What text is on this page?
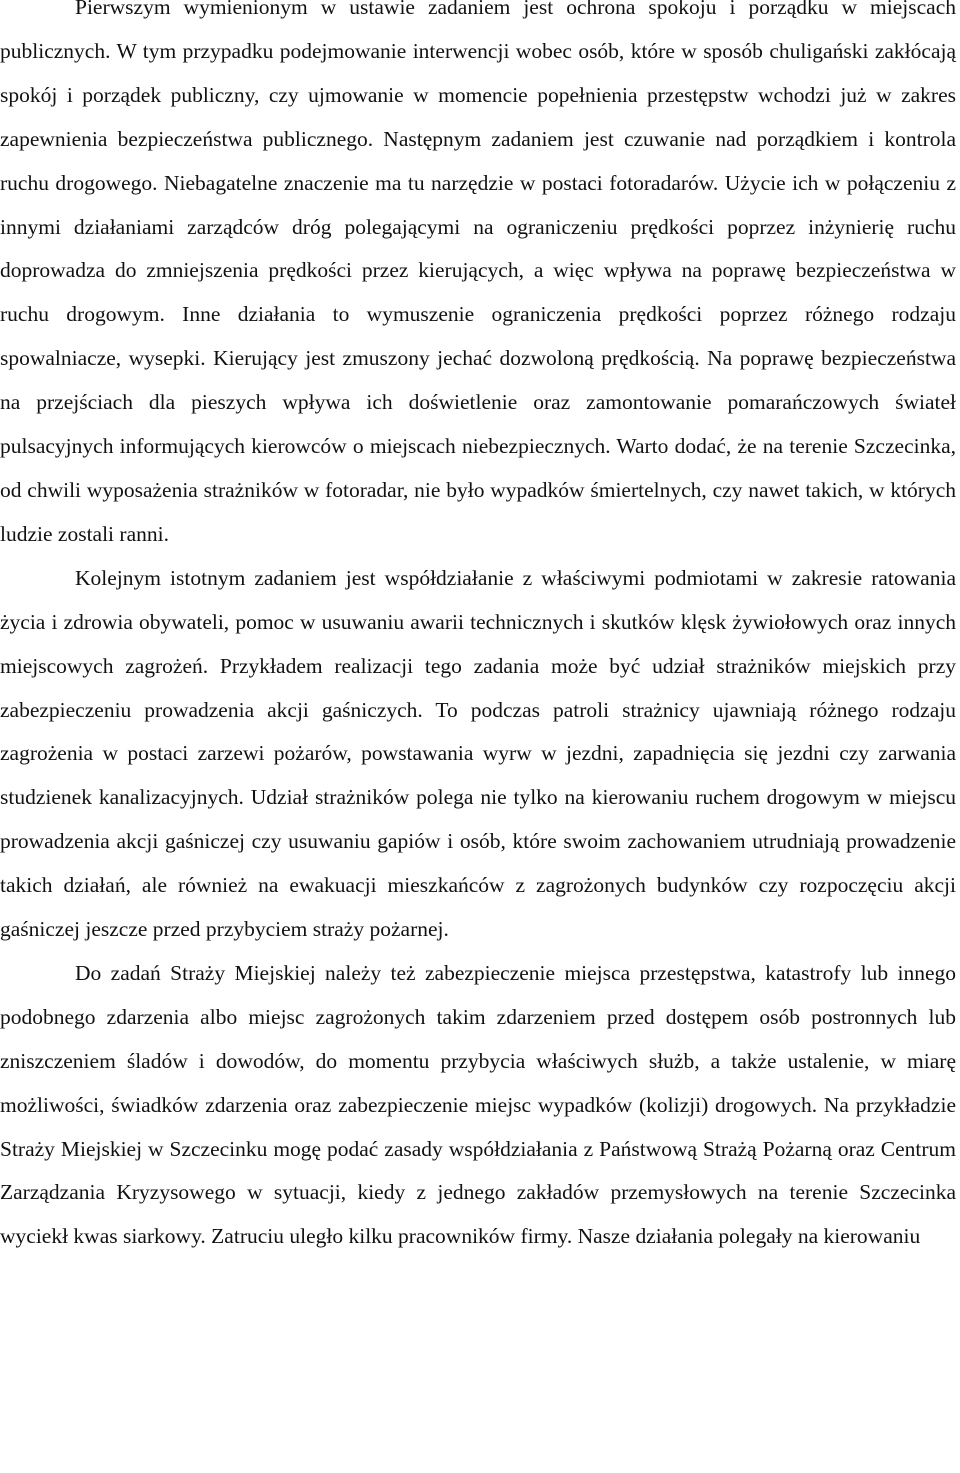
Pierwszym wymienionym w ustawie zadaniem jest ochrona spokoju i porządku w miejscach publicznych. W tym przypadku podejmowanie interwencji wobec osób, które w sposób chuligański zakłócają spokój i porządek publiczny, czy ujmowanie w momencie popełnienia przestępstw wchodzi już w zakres zapewnienia bezpieczeństwa publicznego. Następnym zadaniem jest czuwanie nad porządkiem i kontrola ruchu drogowego. Niebagatelne znaczenie ma tu narzędzie w postaci fotoradarów. Użycie ich w połączeniu z innymi działaniami zarządców dróg polegającymi na ograniczeniu prędkości poprzez inżynierię ruchu doprowadza do zmniejszenia prędkości przez kierujących, a więc wpływa na poprawę bezpieczeństwa w ruchu drogowym. Inne działania to wymuszenie ograniczenia prędkości poprzez różnego rodzaju spowalniacze, wysepki. Kierujący jest zmuszony jechać dozwoloną prędkością. Na poprawę bezpieczeństwa na przejściach dla pieszych wpływa ich doświetlenie oraz zamontowanie pomarańczowych świateł pulsacyjnych informujących kierowców o miejscach niebezpiecznych. Warto dodać, że na terenie Szczecinka, od chwili wyposażenia strażników w fotoradar, nie było wypadków śmiertelnych, czy nawet takich, w których ludzie zostali ranni.

Kolejnym istotnym zadaniem jest współdziałanie z właściwymi podmiotami w zakresie ratowania życia i zdrowia obywateli, pomoc w usuwaniu awarii technicznych i skutków klęsk żywiołowych oraz innych miejscowych zagrożeń. Przykładem realizacji tego zadania może być udział strażników miejskich przy zabezpieczeniu prowadzenia akcji gaśniczych. To podczas patroli strażnicy ujawniają różnego rodzaju zagrożenia w postaci zarzewi pożarów, powstawania wyrw w jezdni, zapadnięcia się jezdni czy zarwania studzienek kanalizacyjnych. Udział strażników polega nie tylko na kierowaniu ruchem drogowym w miejscu prowadzenia akcji gaśniczej czy usuwaniu gapiów i osób, które swoim zachowaniem utrudniają prowadzenie takich działań, ale również na ewakuacji mieszkańców z zagrożonych budynków czy rozpoczęciu akcji gaśniczej jeszcze przed przybyciem straży pożarnej.

Do zadań Straży Miejskiej należy też zabezpieczenie miejsca przestępstwa, katastrofy lub innego podobnego zdarzenia albo miejsc zagrożonych takim zdarzeniem przed dostępem osób postronnych lub zniszczeniem śladów i dowodów, do momentu przybycia właściwych służb, a także ustalenie, w miarę możliwości, świadków zdarzenia oraz zabezpieczenie miejsc wypadków (kolizji) drogowych. Na przykładzie Straży Miejskiej w Szczecinku mogę podać zasady współdziałania z Państwową Strażą Pożarną oraz Centrum Zarządzania Kryzysowego w sytuacji, kiedy z jednego zakładów przemysłowych na terenie Szczecinka wyciekł kwas siarkowy. Zatruciu uległo kilku pracowników firmy. Nasze działania polegały na kierowaniu
